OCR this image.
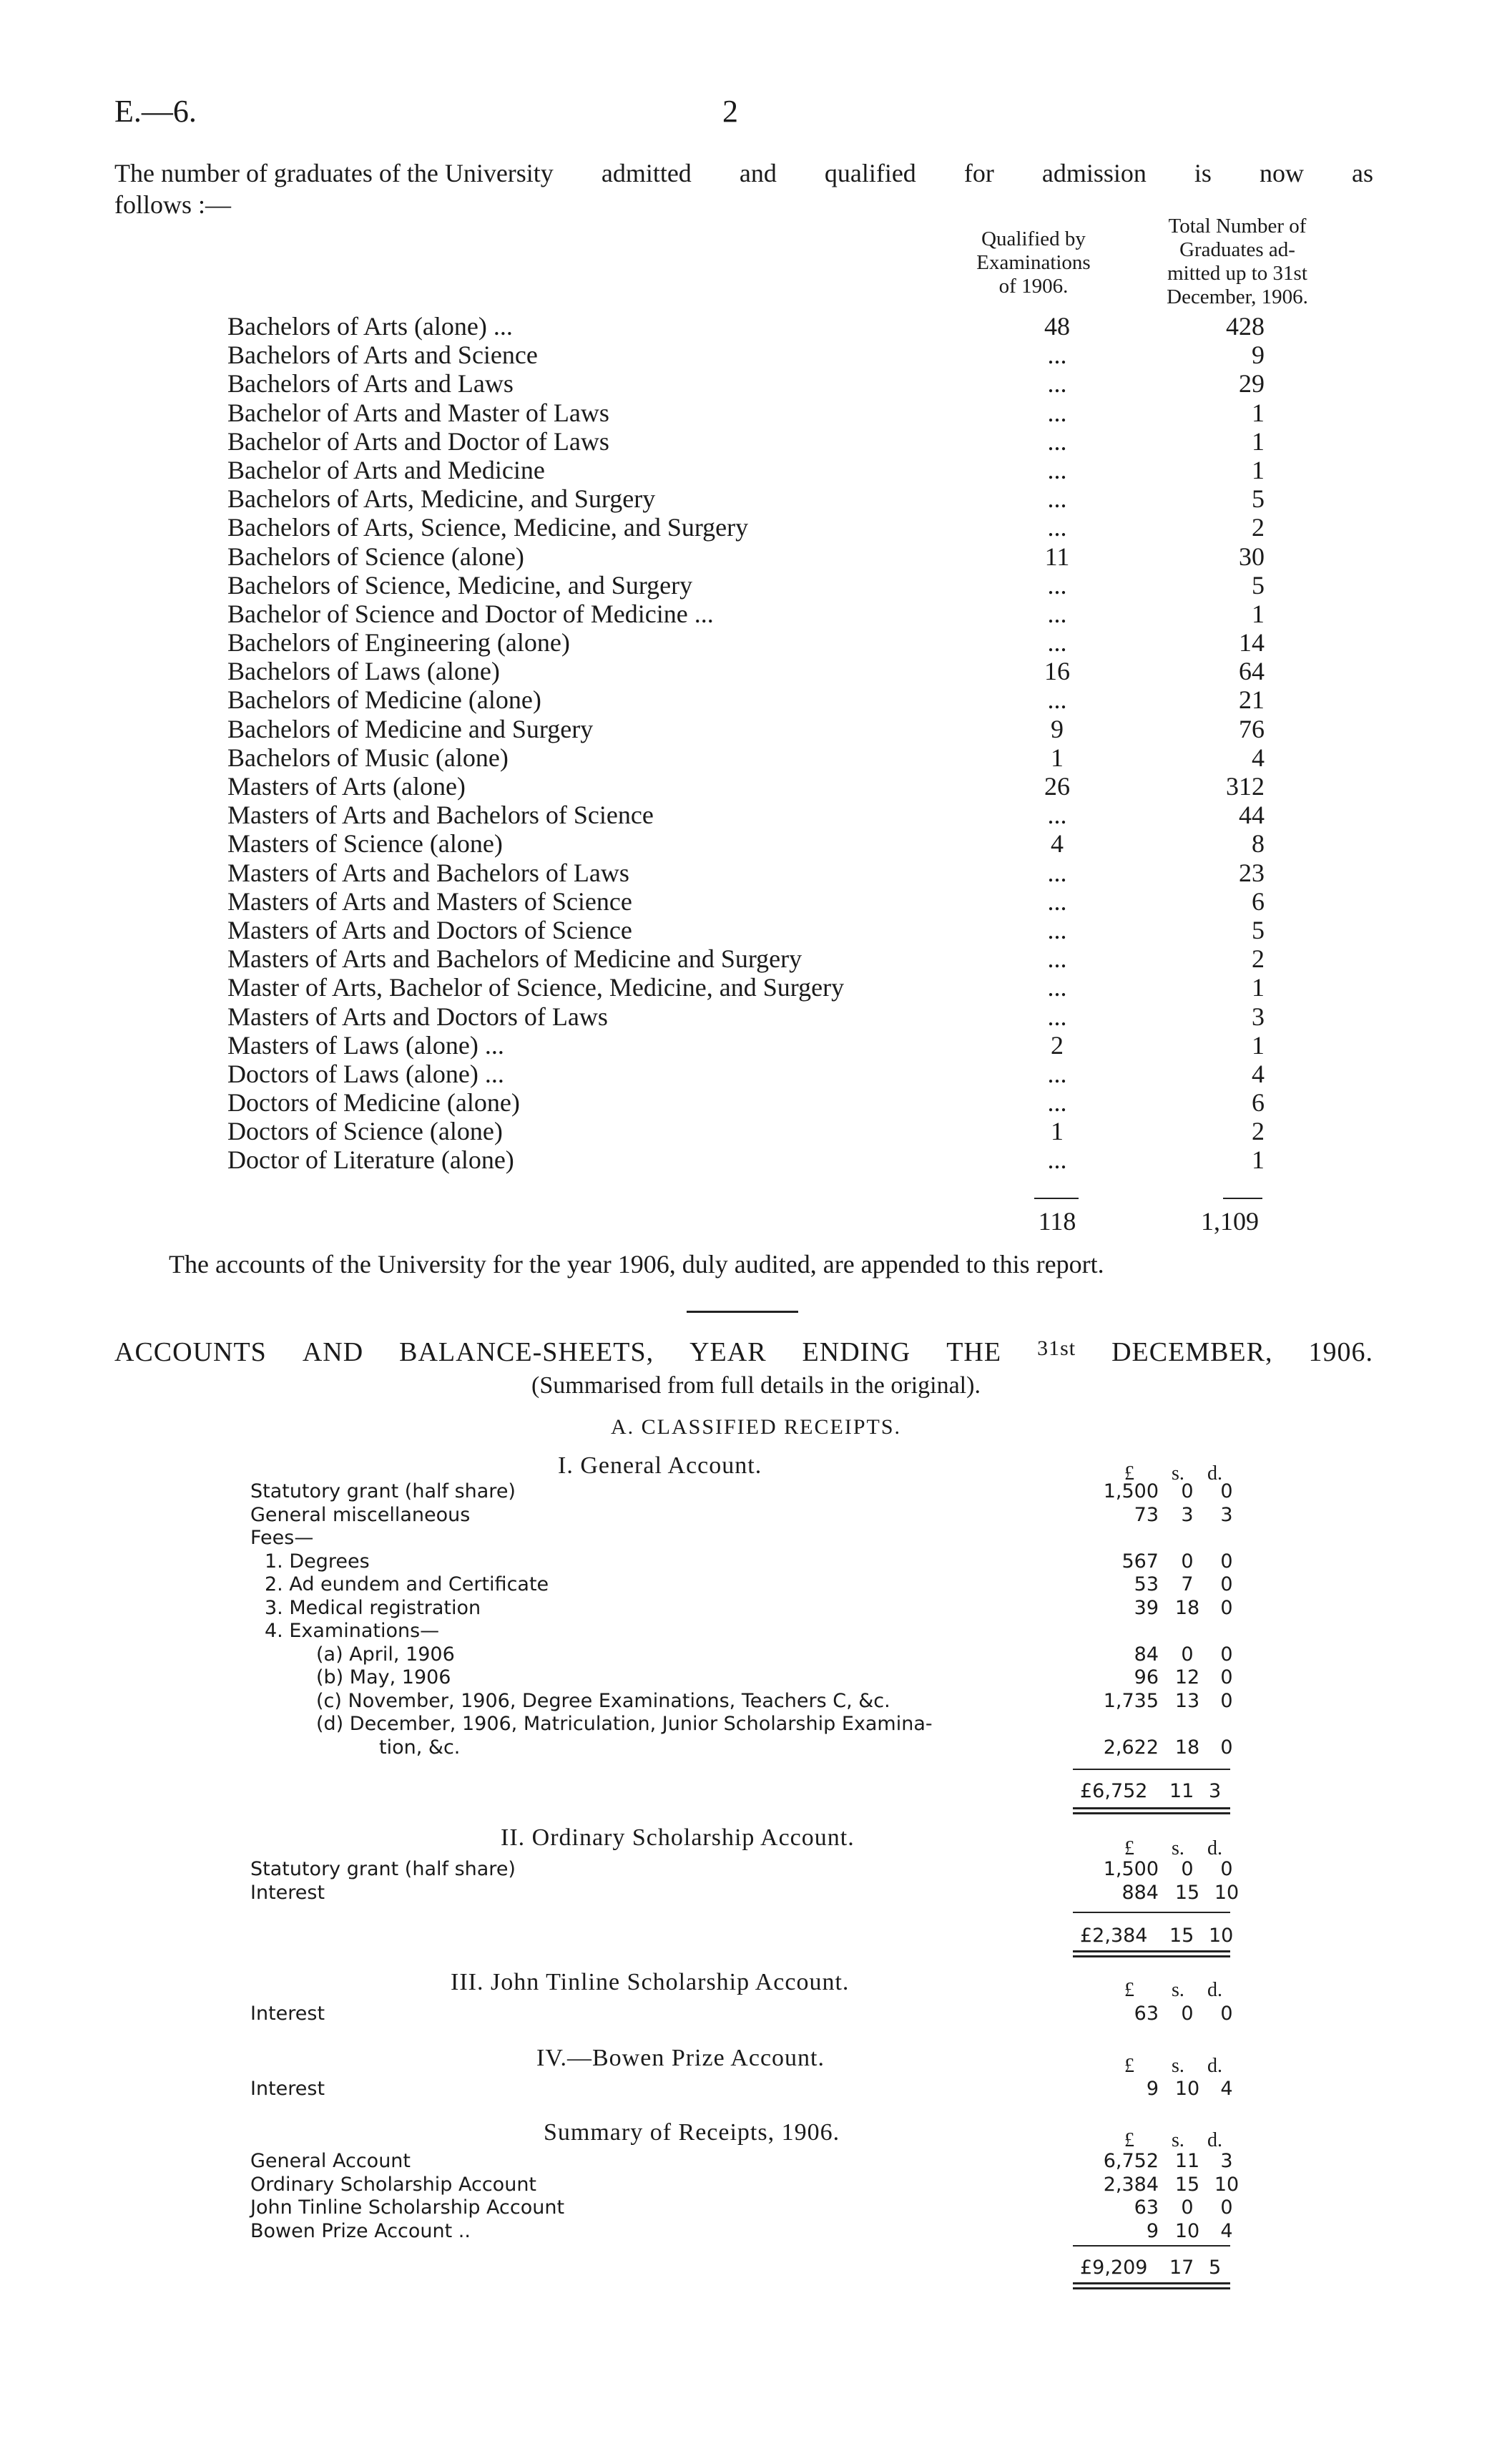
E.—6.	2
The number of graduates of the University admitted and qualified for admission is now as
follows :—
Qualified by
Examinations
of 1906.
Total Number of
Graduates ad-
mitted up to 31st
December, 1906.
Bachelors of Arts (alone) ...	48	428
Bachelors of Arts and Science	...	9
Bachelors of Arts and Laws	...	29
Bachelor of Arts and Master of Laws	...	1
Bachelor of Arts and Doctor of Laws	...	1
Bachelor of Arts and Medicine	...	1
Bachelors of Arts, Medicine, and Surgery	...	5
Bachelors of Arts, Science, Medicine, and Surgery	...	2
Bachelors of Science (alone)	11	30
Bachelors of Science, Medicine, and Surgery	...	5
Bachelor of Science and Doctor of Medicine ...	...	1
Bachelors of Engineering (alone)	...	14
Bachelors of Laws (alone)	16	64
Bachelors of Medicine (alone)	...	21
Bachelors of Medicine and Surgery	9	76
Bachelors of Music (alone)	1	4
Masters of Arts (alone)	26	312
Masters of Arts and Bachelors of Science	...	44
Masters of Science (alone)	4	8
Masters of Arts and Bachelors of Laws	...	23
Masters of Arts and Masters of Science	...	6
Masters of Arts and Doctors of Science	...	5
Masters of Arts and Bachelors of Medicine and Surgery	...	2
Master of Arts, Bachelor of Science, Medicine, and Surgery	...	1
Masters of Arts and Doctors of Laws	...	3
Masters of Laws (alone) ...	2	1
Doctors of Laws (alone) ...	...	4
Doctors of Medicine (alone)	...	6
Doctors of Science (alone)	1	2
Doctor of Literature (alone)	...	1
118	1,109
The accounts of the University for the year 1906, duly audited, are appended to this report.
ACCOUNTS AND BALANCE-SHEETS, YEAR ENDING THE 31st DECEMBER, 1906.
(Summarised from full details in the original).
A. CLASSIFIED RECEIPTS.
I. General Account.	£ s. d.
Statutory grant (half share)	1,500	0	0
General miscellaneous	73	3	3
Fees—
1. Degrees	567	0	0
2. Ad eundem and Certificate	53	7	0
3. Medical registration	39 18	0
4. Examinations—
(a) April, 1906	84	0	0
(b) May, 1906	96 12	0
(c) November, 1906, Degree Examinations, Teachers C, &c.	1,735 13	0
(d) December, 1906, Matriculation, Junior Scholarship Examina-
tion, &c.	2,622 18	0
£6,752 11 3
II. Ordinary Scholarship Account.	£ s. d.
Statutory grant (half share)	1,500	0	0
Interest	884 15 10
£2,384 15 10
III. John Tinline Scholarship Account.	£ s. d.
Interest	63	0	0
IV.—Bowen Prize Account.	£ s. d.
Interest	9 10	4
Summary of Receipts, 1906.	£ s. d.
General Account	6,752 11	3
Ordinary Scholarship Account	2,384 15 10
John Tinline Scholarship Account	63	0	0
Bowen Prize Account ..	9 10	4
£9,209 17 5
